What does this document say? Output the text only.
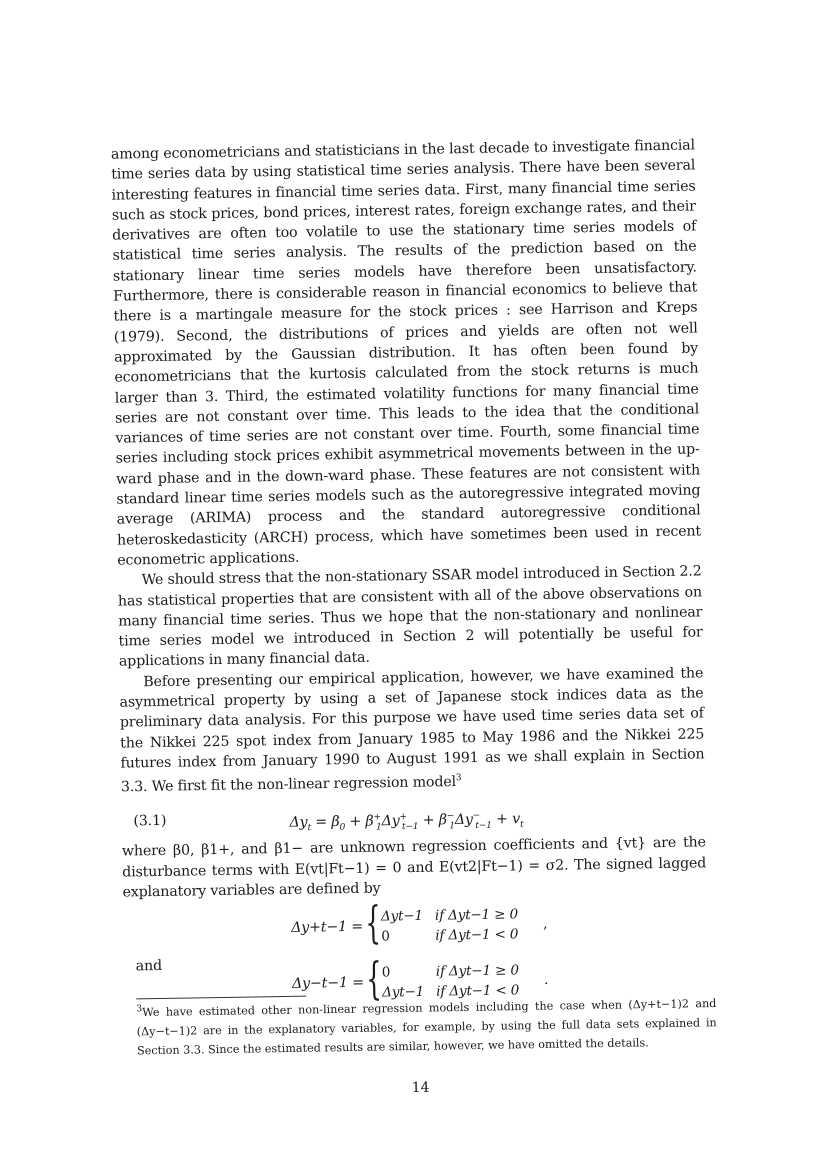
among econometricians and statisticians in the last decade to investigate financial time series data by using statistical time series analysis. There have been several interesting features in financial time series data. First, many financial time series such as stock prices, bond prices, interest rates, foreign exchange rates, and their derivatives are often too volatile to use the stationary time series models of statistical time series analysis. The results of the prediction based on the stationary linear time series models have therefore been unsatisfactory. Furthermore, there is considerable reason in financial economics to believe that there is a martingale measure for the stock prices : see Harrison and Kreps (1979). Second, the distributions of prices and yields are often not well approximated by the Gaussian distribution. It has often been found by econometricians that the kurtosis calculated from the stock returns is much larger than 3. Third, the estimated volatility functions for many financial time series are not constant over time. This leads to the idea that the conditional variances of time series are not constant over time. Fourth, some financial time series including stock prices exhibit asymmetrical movements between in the up-ward phase and in the down-ward phase. These features are not consistent with standard linear time series models such as the autoregressive integrated moving average (ARIMA) process and the standard autoregressive conditional heteroskedasticity (ARCH) process, which have sometimes been used in recent econometric applications.

We should stress that the non-stationary SSAR model introduced in Section 2.2 has statistical properties that are consistent with all of the above observations on many financial time series. Thus we hope that the non-stationary and nonlinear time series model we introduced in Section 2 will potentially be useful for applications in many financial data.

Before presenting our empirical application, however, we have examined the asymmetrical property by using a set of Japanese stock indices data as the preliminary data analysis. For this purpose we have used time series data set of the Nikkei 225 spot index from January 1985 to May 1986 and the Nikkei 225 futures index from January 1990 to August 1991 as we shall explain in Section 3.3. We first fit the non-linear regression model$^3$

(3.1)	$\Delta y_t = \beta_0 + \beta^+_1\Delta y^+_{t-1} + \beta^-_1\Delta y^-_{t-1} + v_t$

where β0, β1+, and β1− are unknown regression coefficients and {vt} are the disturbance terms with E(vt|Ft−1) = 0 and E(vt2|Ft−1) = σ2. The signed lagged explanatory variables are defined by

Δy+t−1 = { Δyt−1 if Δyt−1 ≥ 0
0	if Δyt−1 < 0
,
and
Δy−t−1 = { 0	if Δyt−1 ≥ 0
Δyt−1 if Δyt−1 < 0
.
$^3$We have estimated other non-linear regression models including the case when (Δy+t−1)2 and (Δy−t−1)2 are in the explanatory variables, for example, by using the full data sets explained in Section 3.3. Since the estimated results are similar, however, we have omitted the details.
14
